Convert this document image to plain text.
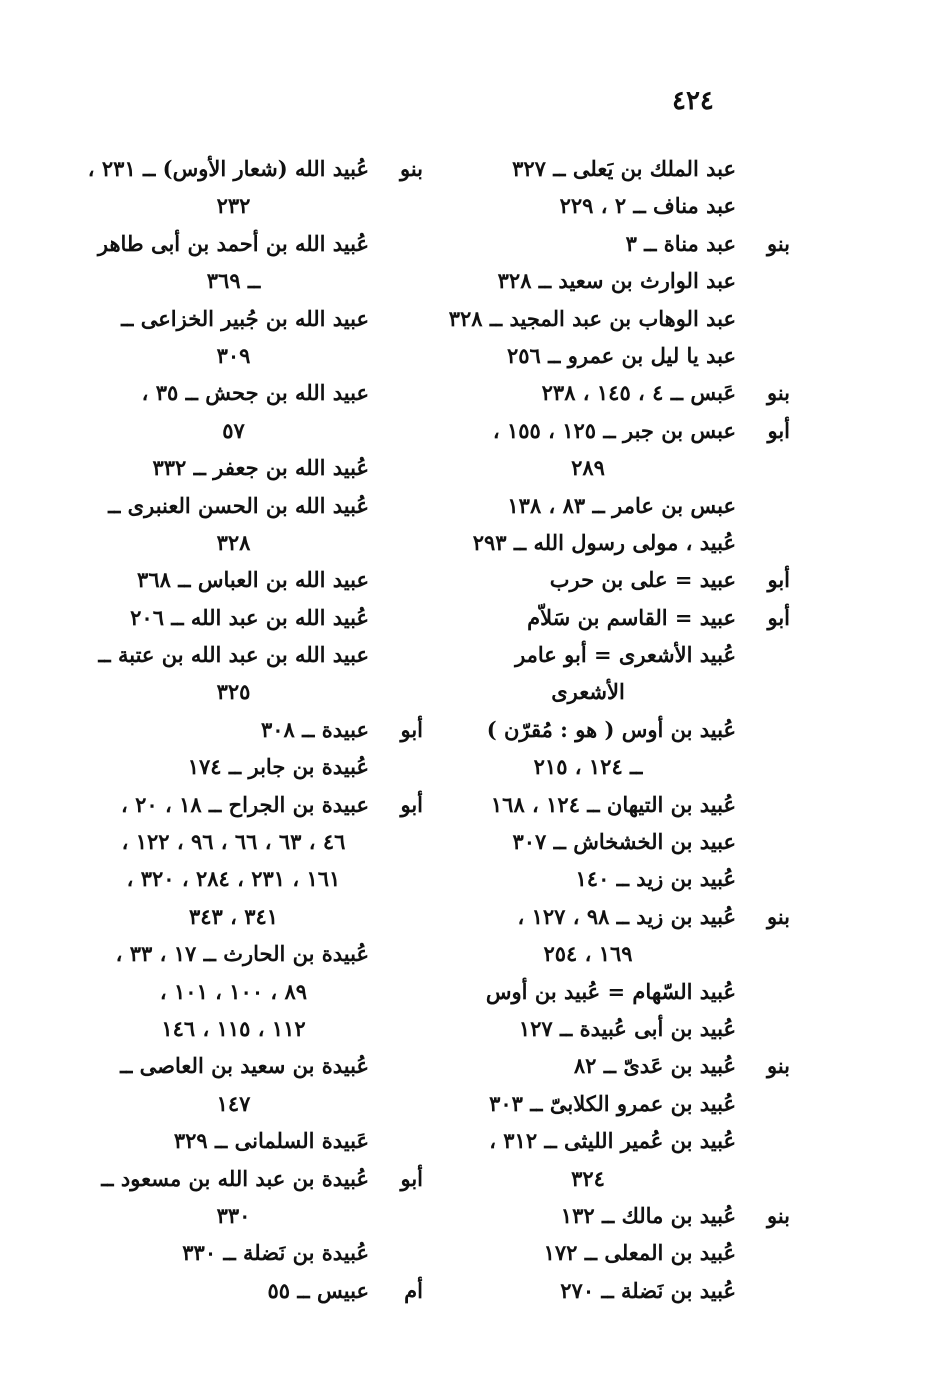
٤٢٤
عبد الملك بن يَعلى ــ ٣٢٧
عبد مناف ــ ٢ ، ٢٢٩
بنوعبد مناة ــ ٣
عبد الوارث بن سعيد ــ ٣٢٨
عبد الوهاب بن عبد المجيد ــ ٣٢٨
عبد يا ليل بن عمرو ــ ٢٥٦
بنوعَبس ــ ٤ ، ١٤٥ ، ٢٣٨
أبوعبس بن جبر ــ ١٢٥ ، ١٥٥ ،
٢٨٩
عبس بن عامر ــ ٨٣ ، ١٣٨
عُبيد ، مولى رسول الله ــ ٢٩٣
أبوعبيد = على بن حرب
أبوعبيد = القاسم بن سَلاّم
عُبيد الأشعرى = أبو عامر
الأشعرى
عُبيد بن أوس ( هو : مُقرّن )
ــ ١٢٤ ، ٢١٥
عُبيد بن التيهان ــ ١٢٤ ، ١٦٨
عبيد بن الخشخاش ــ ٣٠٧
عُبيد بن زيد ــ ١٤٠
بنوعُبيد بن زيد ــ ٩٨ ، ١٢٧ ،
١٦٩ ، ٢٥٤
عُبيد السّهام = عُبيد بن أوس
عُبيد بن أبى عُبيدة ــ ١٢٧
بنوعُبيد بن عَدىّ ــ ٨٢
عُبيد بن عمرو الكلابىّ ــ ٣٠٣
عُبيد بن عُمير الليثى ــ ٣١٢ ،
٣٢٤
بنوعُبيد بن مالك ــ ١٣٢
عُبيد بن المعلى ــ ١٧٢
عُبيد بن نَضلة ــ ٢٧٠
بنوعُبيد الله (شعار الأوس) ــ ٢٣١ ،
٢٣٢
عُبيد الله بن أحمد بن أبى طاهر
ــ ٣٦٩
عبيد الله بن جُبير الخزاعى ــ
٣٠٩
عبيد الله بن جحش ــ ٣٥ ،
٥٧
عُبيد الله بن جعفر ــ ٣٣٢
عُبيد الله بن الحسن العنبرى ــ
٣٢٨
عبيد الله بن العباس ــ ٣٦٨
عُبيد الله بن عبد الله ــ ٢٠٦
عبيد الله بن عبد الله بن عتبة ــ
٣٢٥
أبوعبيدة ــ ٣٠٨
عُبيدة بن جابر ــ ١٧٤
أبوعبيدة بن الجراح ــ ١٨ ، ٢٠ ،
٤٦ ، ٦٣ ، ٦٦ ، ٩٦ ، ١٢٢ ،
١٦١ ، ٢٣١ ، ٢٨٤ ، ٣٢٠ ،
٣٤١ ، ٣٤٣
عُبيدة بن الحارث ــ ١٧ ، ٣٣ ،
٨٩ ، ١٠٠ ، ١٠١ ،
١١٢ ، ١١٥ ، ١٤٦
عُبيدة بن سعيد بن العاصى ــ
١٤٧
عَبيدة السلمانى ــ ٣٢٩
أبوعُبيدة بن عبد الله بن مسعود ــ
٣٣٠
عُبيدة بن نَضلة ــ ٣٣٠
أمعبيس ــ ٥٥
